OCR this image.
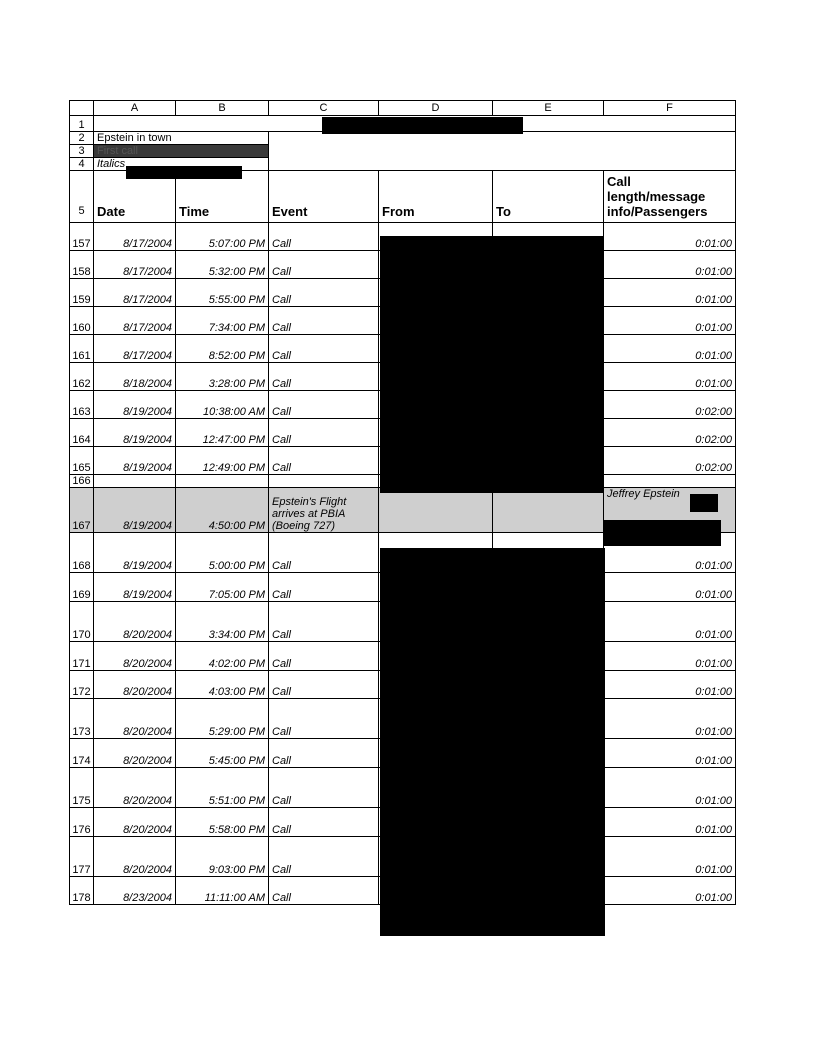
	A	B	C	D	E	F
1						
2	Epstein in town					
3	First call					
4	Italics					
5	Date	Time	Event	From	To	Call length/message info/Passengers
157	8/17/2004	5:07:00 PM	Call			0:01:00
158	8/17/2004	5:32:00 PM	Call			0:01:00
159	8/17/2004	5:55:00 PM	Call			0:01:00
160	8/17/2004	7:34:00 PM	Call			0:01:00
161	8/17/2004	8:52:00 PM	Call			0:01:00
162	8/18/2004	3:28:00 PM	Call			0:01:00
163	8/19/2004	10:38:00 AM	Call			0:02:00
164	8/19/2004	12:47:00 PM	Call			0:02:00
165	8/19/2004	12:49:00 PM	Call			0:02:00
166						
167	8/19/2004	4:50:00 PM	Epstein's Flight arrives at PBIA (Boeing 727)			Jeffrey Epstein
168	8/19/2004	5:00:00 PM	Call			0:01:00
169	8/19/2004	7:05:00 PM	Call			0:01:00
170	8/20/2004	3:34:00 PM	Call			0:01:00
171	8/20/2004	4:02:00 PM	Call			0:01:00
172	8/20/2004	4:03:00 PM	Call			0:01:00
173	8/20/2004	5:29:00 PM	Call			0:01:00
174	8/20/2004	5:45:00 PM	Call			0:01:00
175	8/20/2004	5:51:00 PM	Call			0:01:00
176	8/20/2004	5:58:00 PM	Call			0:01:00
177	8/20/2004	9:03:00 PM	Call			0:01:00
178	8/23/2004	11:11:00 AM	Call			0:01:00
